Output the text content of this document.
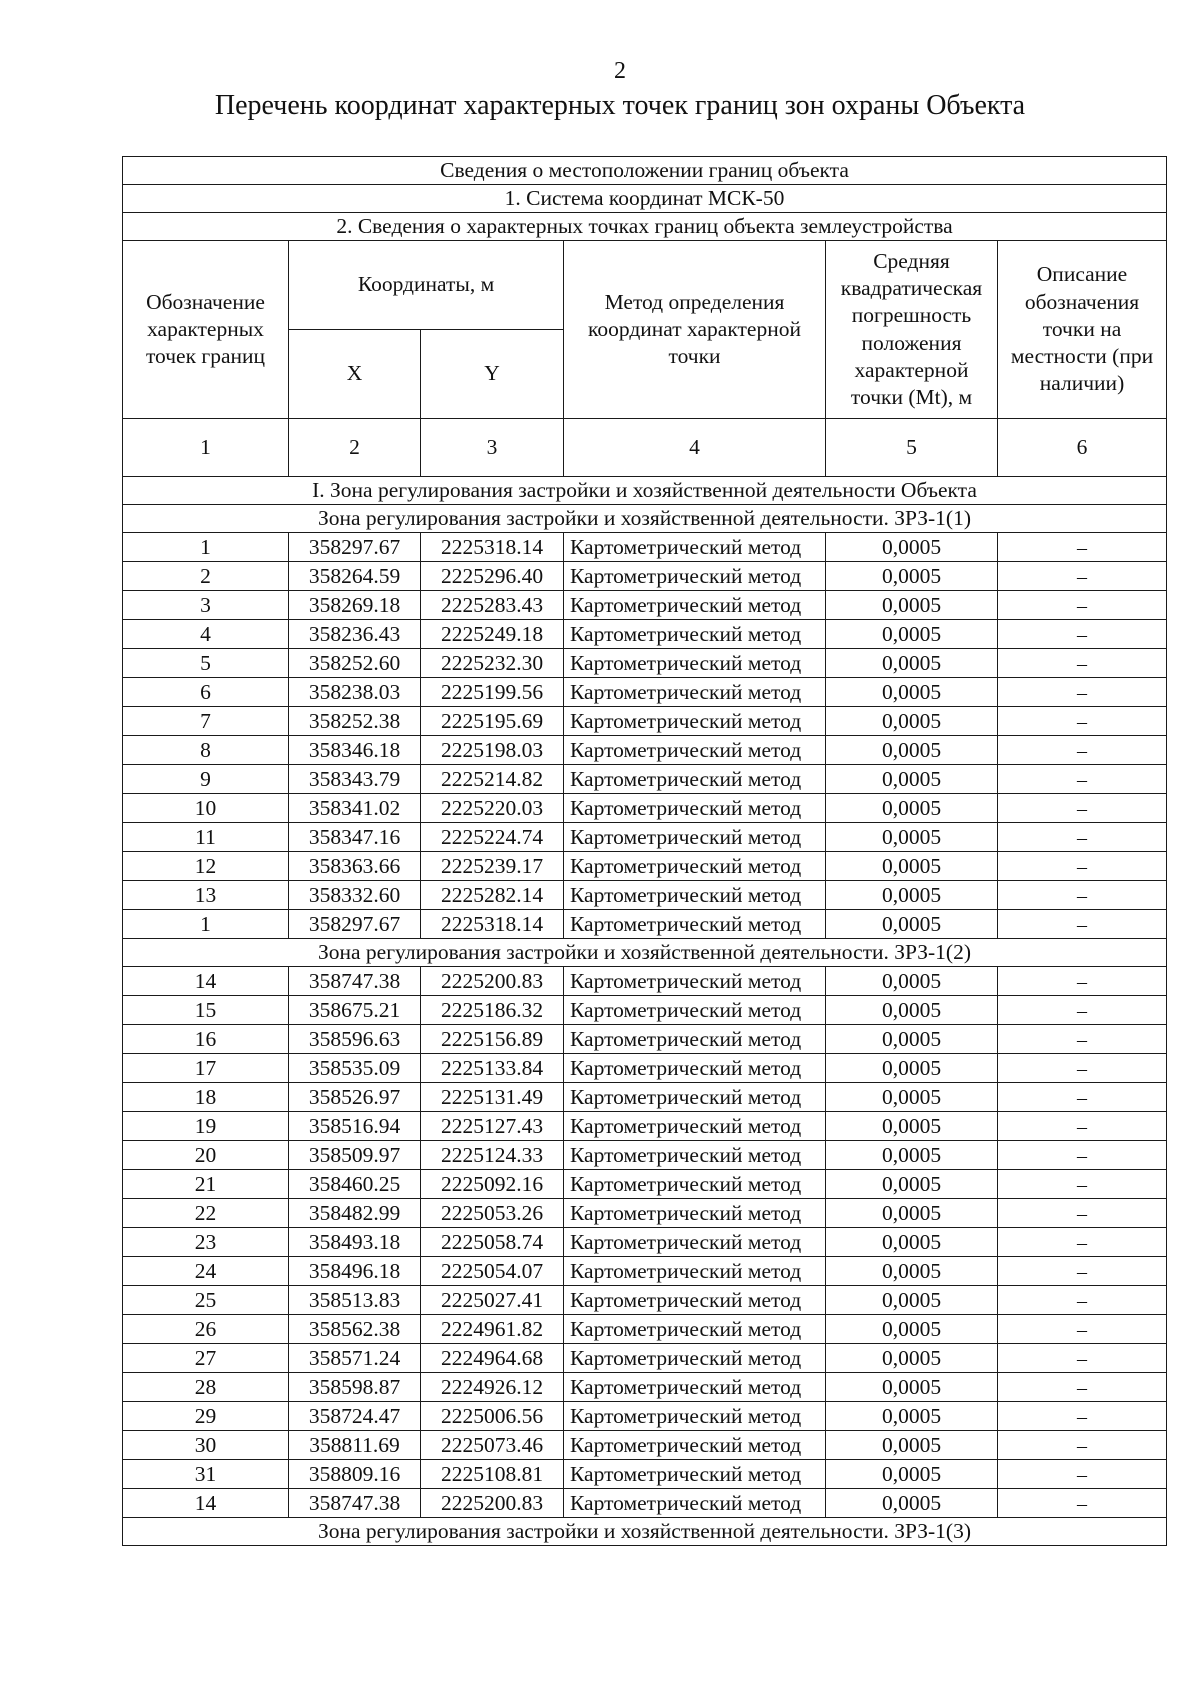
2
Перечень координат характерных точек границ зон охраны Объекта
Сведения о местоположении границ объекта					
1. Система координат МСК-50					
2. Сведения о характерных точках границ объекта землеустройства					
Обозначение характерных точек границ	Координаты, м		Метод определения координат характерной точки	Средняя квадратическая погрешность положения характерной точки (Mt), м	Описание обозначения точки на местности (при наличии)
	X	Y			
1	2	3	4	5	6
I. Зона регулирования застройки и хозяйственной деятельности Объекта					
Зона регулирования застройки и хозяйственной деятельности. ЗРЗ-1(1)					
1	358297.67	2225318.14	Картометрический метод	0,0005	–
2	358264.59	2225296.40	Картометрический метод	0,0005	–
3	358269.18	2225283.43	Картометрический метод	0,0005	–
4	358236.43	2225249.18	Картометрический метод	0,0005	–
5	358252.60	2225232.30	Картометрический метод	0,0005	–
6	358238.03	2225199.56	Картометрический метод	0,0005	–
7	358252.38	2225195.69	Картометрический метод	0,0005	–
8	358346.18	2225198.03	Картометрический метод	0,0005	–
9	358343.79	2225214.82	Картометрический метод	0,0005	–
10	358341.02	2225220.03	Картометрический метод	0,0005	–
11	358347.16	2225224.74	Картометрический метод	0,0005	–
12	358363.66	2225239.17	Картометрический метод	0,0005	–
13	358332.60	2225282.14	Картометрический метод	0,0005	–
1	358297.67	2225318.14	Картометрический метод	0,0005	–
Зона регулирования застройки и хозяйственной деятельности. ЗРЗ-1(2)					
14	358747.38	2225200.83	Картометрический метод	0,0005	–
15	358675.21	2225186.32	Картометрический метод	0,0005	–
16	358596.63	2225156.89	Картометрический метод	0,0005	–
17	358535.09	2225133.84	Картометрический метод	0,0005	–
18	358526.97	2225131.49	Картометрический метод	0,0005	–
19	358516.94	2225127.43	Картометрический метод	0,0005	–
20	358509.97	2225124.33	Картометрический метод	0,0005	–
21	358460.25	2225092.16	Картометрический метод	0,0005	–
22	358482.99	2225053.26	Картометрический метод	0,0005	–
23	358493.18	2225058.74	Картометрический метод	0,0005	–
24	358496.18	2225054.07	Картометрический метод	0,0005	–
25	358513.83	2225027.41	Картометрический метод	0,0005	–
26	358562.38	2224961.82	Картометрический метод	0,0005	–
27	358571.24	2224964.68	Картометрический метод	0,0005	–
28	358598.87	2224926.12	Картометрический метод	0,0005	–
29	358724.47	2225006.56	Картометрический метод	0,0005	–
30	358811.69	2225073.46	Картометрический метод	0,0005	–
31	358809.16	2225108.81	Картометрический метод	0,0005	–
14	358747.38	2225200.83	Картометрический метод	0,0005	–
Зона регулирования застройки и хозяйственной деятельности. ЗРЗ-1(3)					
